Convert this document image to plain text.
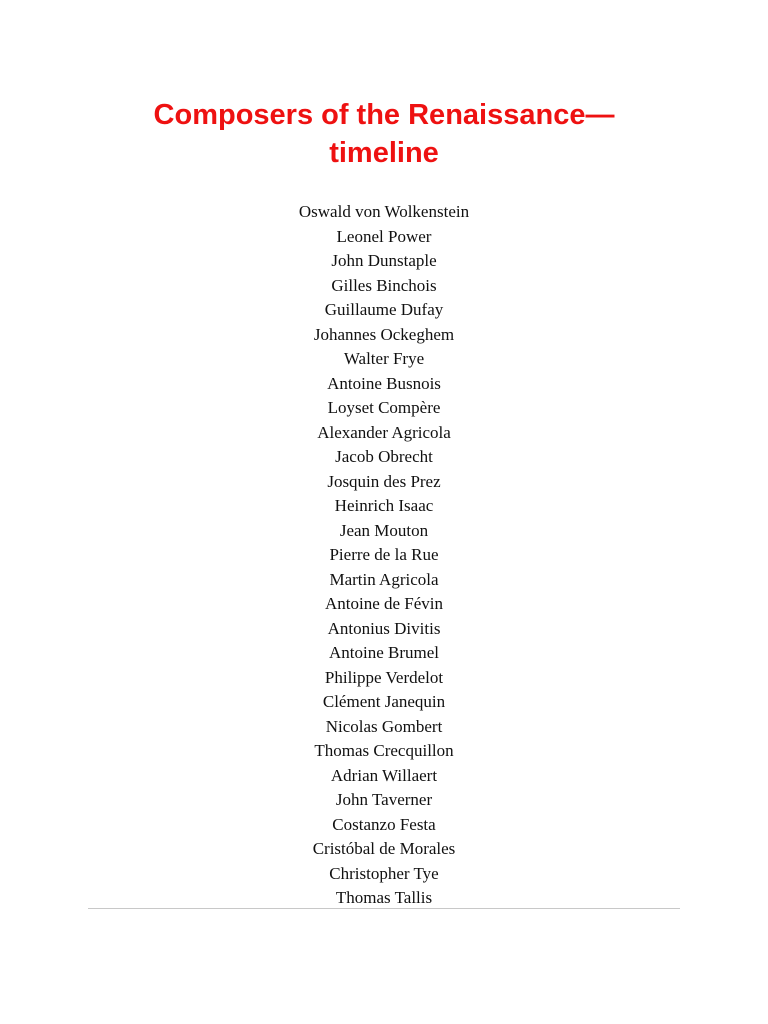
Composers of the Renaissance—
timeline
Oswald von Wolkenstein
Leonel Power
John Dunstaple
Gilles Binchois
Guillaume Dufay
Johannes Ockeghem
Walter Frye
Antoine Busnois
Loyset Compère
Alexander Agricola
Jacob Obrecht
Josquin des Prez
Heinrich Isaac
Jean Mouton
Pierre de la Rue
Martin Agricola
Antoine de Févin
Antonius Divitis
Antoine Brumel
Philippe Verdelot
Clément Janequin
Nicolas Gombert
Thomas Crecquillon
Adrian Willaert
John Taverner
Costanzo Festa
Cristóbal de Morales
Christopher Tye
Thomas Tallis
